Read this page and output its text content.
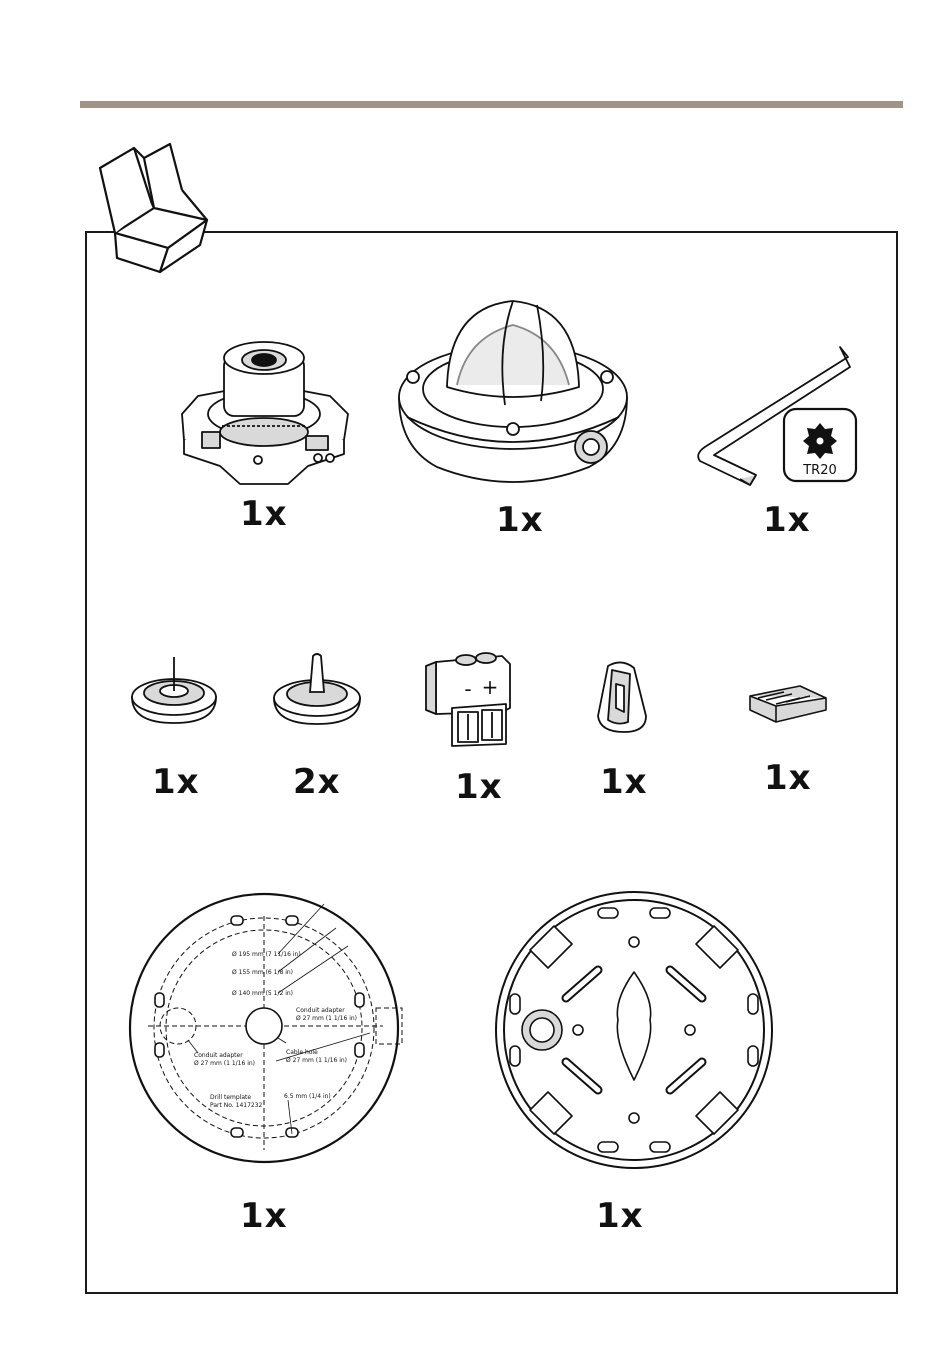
1x	1x
TR20
1x
1x	2x
- +
1x	1x	1x
Ø 195 mm (7 11/16 in)
Ø 155 mm (6 1/8 in)
Ø 140 mm (5 1/2 in)
Conduit adapter
Ø 27 mm (1 1/16 in)
Conduit adapter
Ø 27 mm (1 1/16 in)
Cable hole
Ø 27 mm (1 1/16 in)
Drill template
Part No. 1417232
6.5 mm (1/4 in)
1x	1x
